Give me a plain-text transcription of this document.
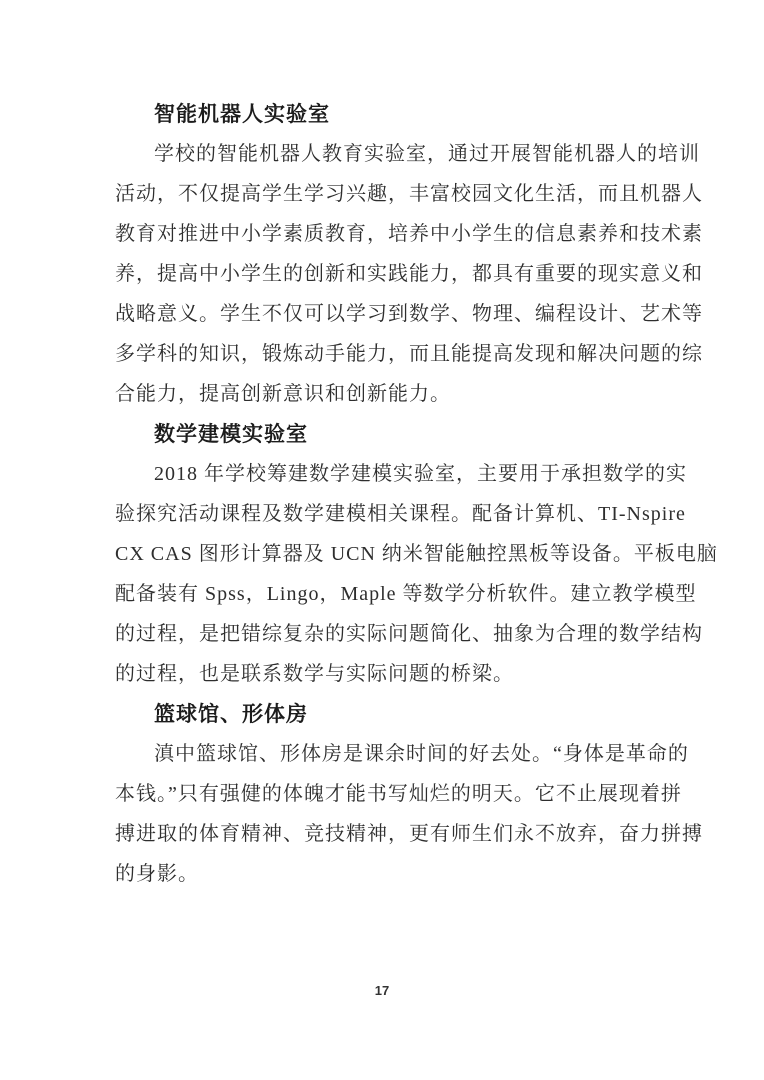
智能机器人实验室

学校的智能机器人教育实验室，通过开展智能机器人的培训

活动，不仅提高学生学习兴趣，丰富校园文化生活，而且机器人

教育对推进中小学素质教育，培养中小学生的信息素养和技术素

养，提高中小学生的创新和实践能力，都具有重要的现实意义和

战略意义。学生不仅可以学习到数学、物理、编程设计、艺术等

多学科的知识，锻炼动手能力，而且能提高发现和解决问题的综

合能力，提高创新意识和创新能力。

数学建模实验室

2018 年学校筹建数学建模实验室，主要用于承担数学的实

验探究活动课程及数学建模相关课程。配备计算机、TI-Nspire

CX CAS 图形计算器及 UCN 纳米智能触控黑板等设备。平板电脑

配备装有 Spss，Lingo，Maple 等数学分析软件。建立教学模型

的过程，是把错综复杂的实际问题简化、抽象为合理的数学结构

的过程，也是联系数学与实际问题的桥梁。

篮球馆、形体房

滇中篮球馆、形体房是课余时间的好去处。“身体是革命的

本钱。”只有强健的体魄才能书写灿烂的明天。它不止展现着拼

搏进取的体育精神、竞技精神，更有师生们永不放弃，奋力拼搏

的身影。

17
